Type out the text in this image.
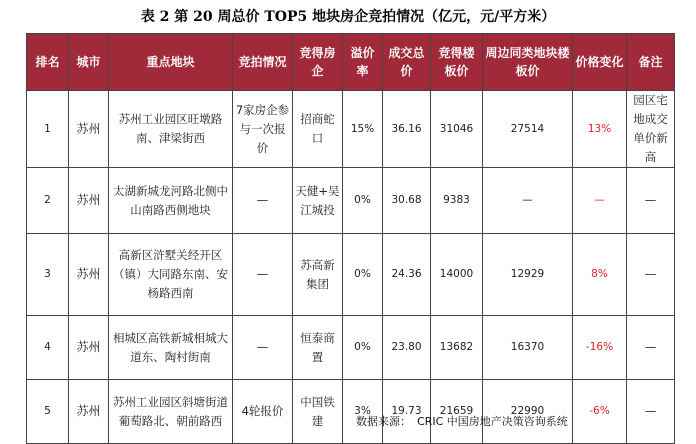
表 2 第 20 周总价 TOP5 地块房企竞拍情况（亿元，元/平方米）
排名	城市	重点地块	竞拍情况	竞得房企	溢价率	成交总价	竞得楼板价	周边同类地块楼板价	价格变化	备注
1	苏州	苏州工业园区旺墩路南、津梁街西	7家房企参与一次报价	招商蛇口	15%	36.16	31046	27514	13%	园区宅地成交单价新高
2	苏州	太湖新城龙河路北侧中山南路西侧地块	—	天健+吴江城投	0%	30.68	9383	—	—	—
3	苏州	高新区浒墅关经开区（镇）大同路东南、安杨路西南	—	苏高新集团	0%	24.36	14000	12929	8%	—
4	苏州	相城区高铁新城相城大道东、陶村街南	—	恒泰商置	0%	23.80	13682	16370	-16%	—
5	苏州	苏州工业园区斜塘街道葡萄路北、朝前路西	4轮报价	中国铁建	3%	19.73	21659	22990	-6%	—
数据来源： CRIC 中国房地产决策咨询系统
